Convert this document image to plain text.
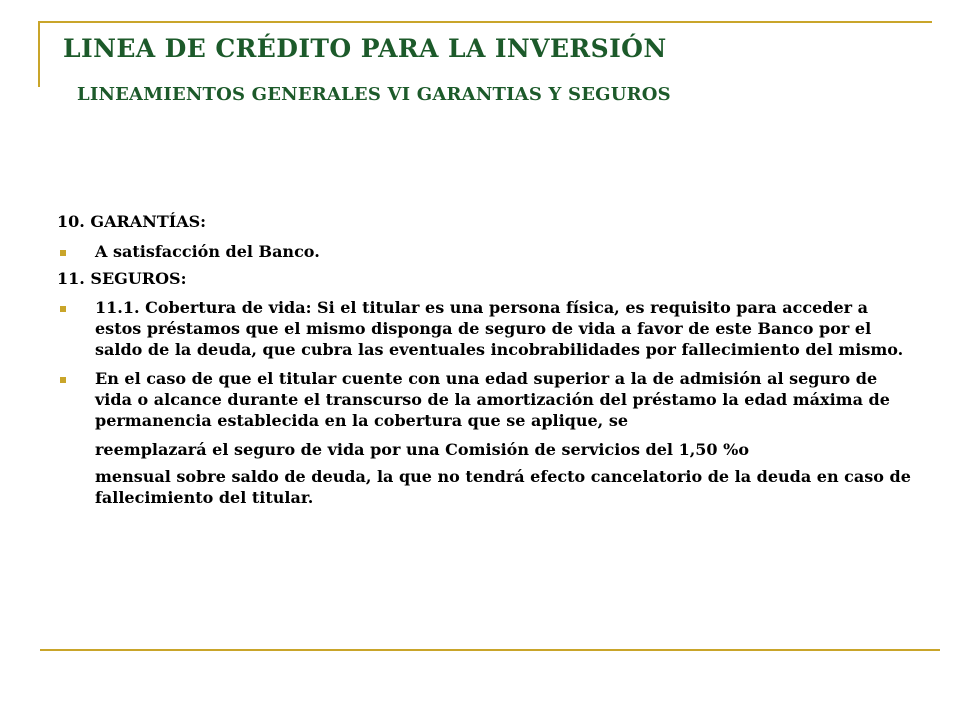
LINEA DE CRÉDITO PARA LA INVERSIÓN
LINEAMIENTOS GENERALES VI GARANTIAS Y SEGUROS

10. GARANTÍAS:

A satisfacción del Banco.

11. SEGUROS:

11.1. Cobertura de vida: Si el titular es una persona física, es requisito para acceder a estos préstamos que el mismo disponga de seguro de vida a favor de este Banco por el saldo de la deuda, que cubra las eventuales incobrabilidades por fallecimiento del mismo.
En el caso de que el titular cuente con una edad superior a la de admisión al seguro de vida o alcance durante el transcurso de la amortización del préstamo la edad máxima de permanencia establecida en la cobertura que se aplique, se
reemplazará el seguro de vida por una Comisión de servicios del 1,50 %o
mensual sobre saldo de deuda, la que no tendrá efecto cancelatorio de la deuda en caso de fallecimiento del titular.
